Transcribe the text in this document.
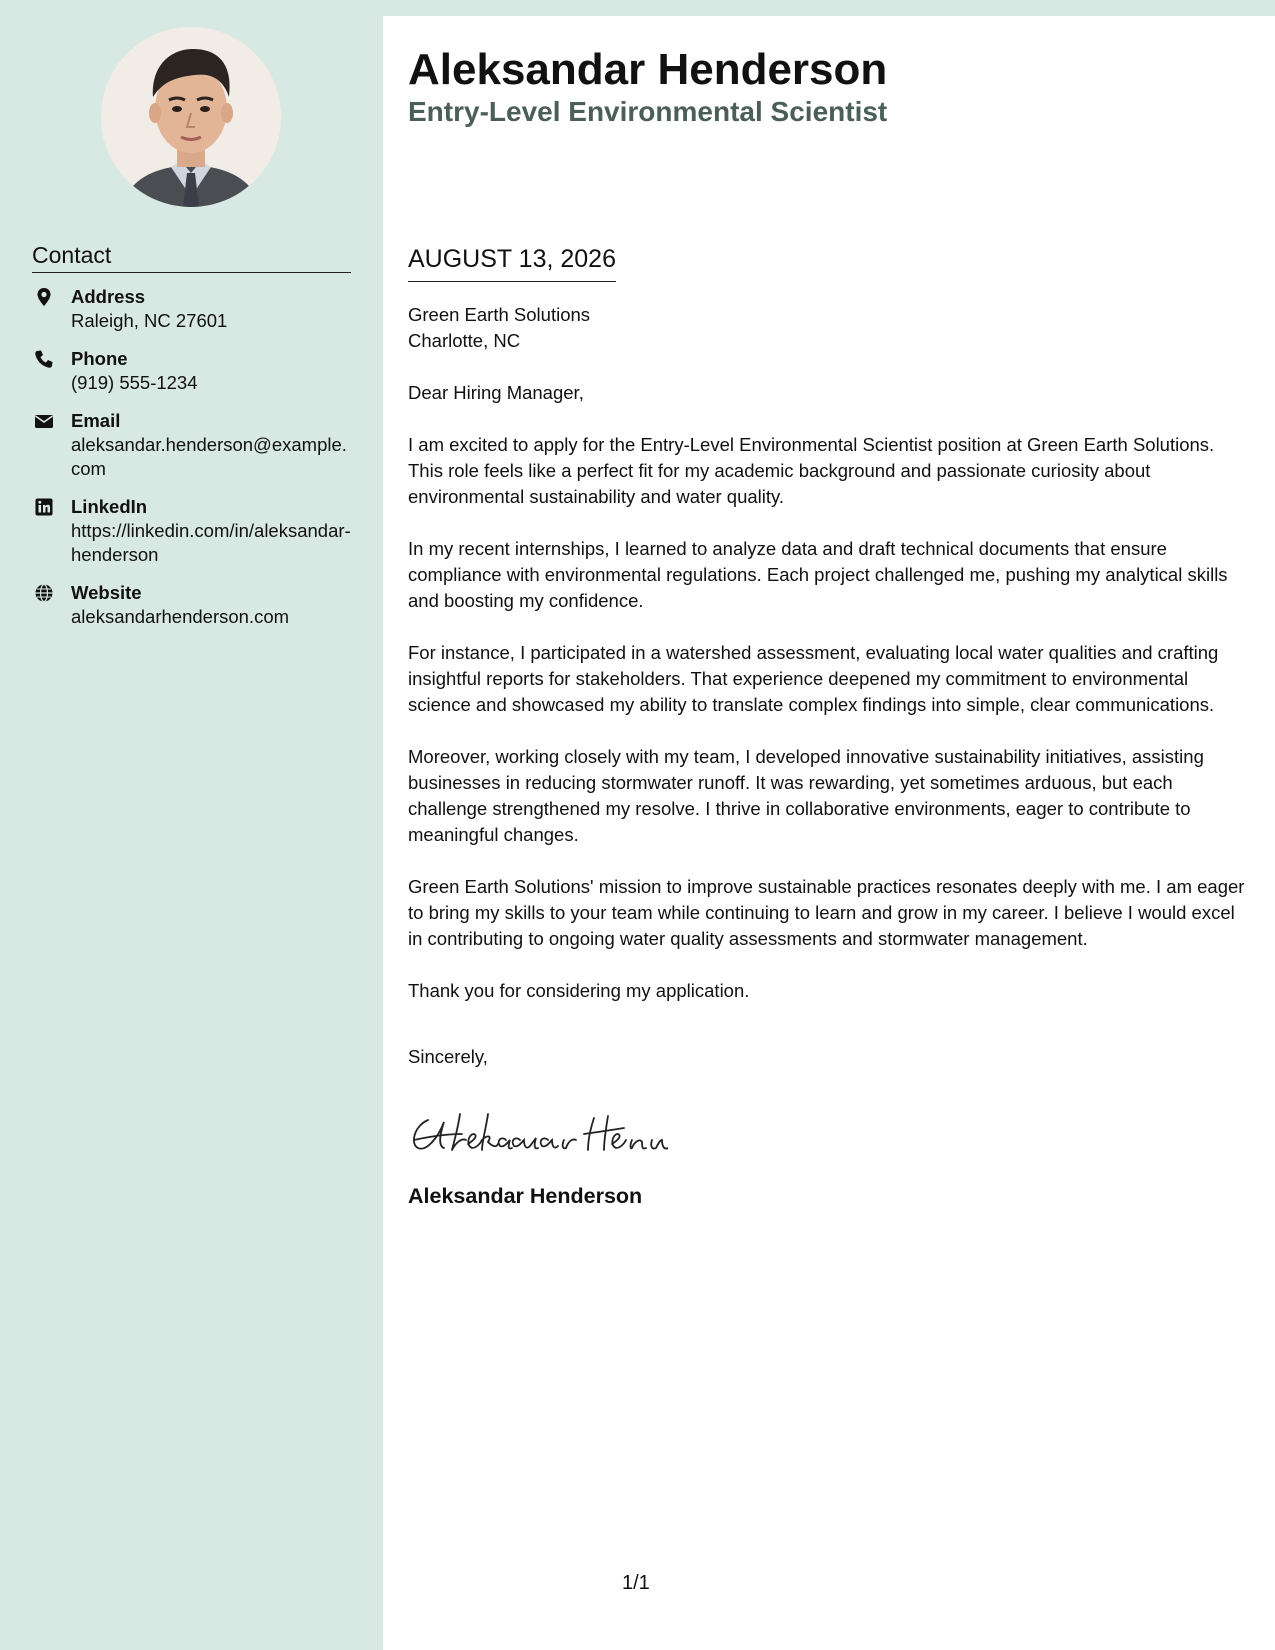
Contact
Address
Raleigh, NC 27601
Phone
(919) 555-1234
Email
aleksandar.henderson@example.com
LinkedIn
https://linkedin.com/in/aleksandar-henderson
Website
aleksandarhenderson.com
Aleksandar Henderson
Entry-Level Environmental Scientist
AUGUST 13, 2026
Green Earth Solutions
Charlotte, NC

Dear Hiring Manager,

I am excited to apply for the Entry-Level Environmental Scientist position at Green Earth Solutions. This role feels like a perfect fit for my academic background and passionate curiosity about environmental sustainability and water quality.

In my recent internships, I learned to analyze data and draft technical documents that ensure compliance with environmental regulations. Each project challenged me, pushing my analytical skills and boosting my confidence.

For instance, I participated in a watershed assessment, evaluating local water qualities and crafting insightful reports for stakeholders. That experience deepened my commitment to environmental science and showcased my ability to translate complex findings into simple, clear communications.

Moreover, working closely with my team, I developed innovative sustainability initiatives, assisting businesses in reducing stormwater runoff. It was rewarding, yet sometimes arduous, but each challenge strengthened my resolve. I thrive in collaborative environments, eager to contribute to meaningful changes.

Green Earth Solutions' mission to improve sustainable practices resonates deeply with me. I am eager to bring my skills to your team while continuing to learn and grow in my career. I believe I would excel in contributing to ongoing water quality assessments and stormwater management.

Thank you for considering my application.

Sincerely,

Aleksandar Henderson

1/1
